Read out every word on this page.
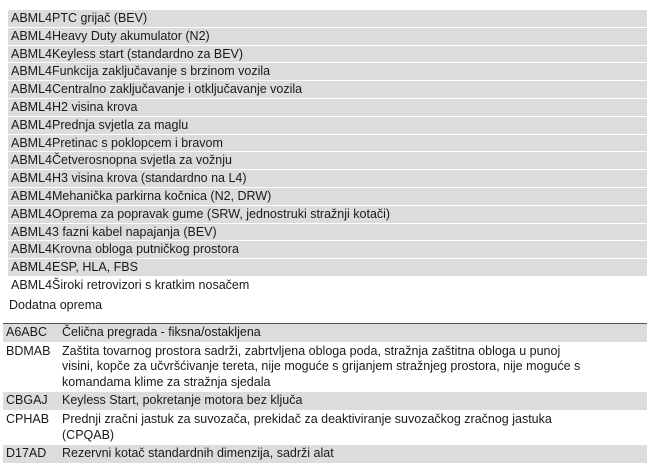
ABML4PTC grijač (BEV)
ABML4Heavy Duty akumulator (N2)
ABML4Keyless start (standardno za BEV)
ABML4Funkcija zaključavanje s brzinom vozila
ABML4Centralno zaključavanje i otključavanje vozila
ABML4H2 visina krova
ABML4Prednja svjetla za maglu
ABML4Pretinac s poklopcem i bravom
ABML4Četverosnopna svjetla za vožnju
ABML4H3 visina krova (standardno na L4)
ABML4Mehanička parkirna kočnica (N2, DRW)
ABML4Oprema za popravak gume (SRW, jednostruki stražnji kotači)
ABML43 fazni kabel napajanja (BEV)
ABML4Krovna obloga putničkog prostora
ABML4ESP, HLA, FBS
ABML4Široki retrovizori s kratkim nosačem
Dodatna oprema
A6ABC	Čelična pregrada - fiksna/ostakljena
BDMAB Zaštita tovarnog prostora sadrži, zabrtvljena obloga poda, stražnja zaštitna obloga u punoj visini, kopče za učvršćivanje tereta, nije moguće s grijanjem stražnjeg prostora, nije moguće s komandama klime za stražnja sjedala
CBGAJ	Keyless Start, pokretanje motora bez ključa
CPHAB	Prednji zračni jastuk za suvozača, prekidač za deaktiviranje suvozačkog zračnog jastuka (CPQAB)
D17AD	Rezervni kotač standardnih dimenzija, sadrži alat
